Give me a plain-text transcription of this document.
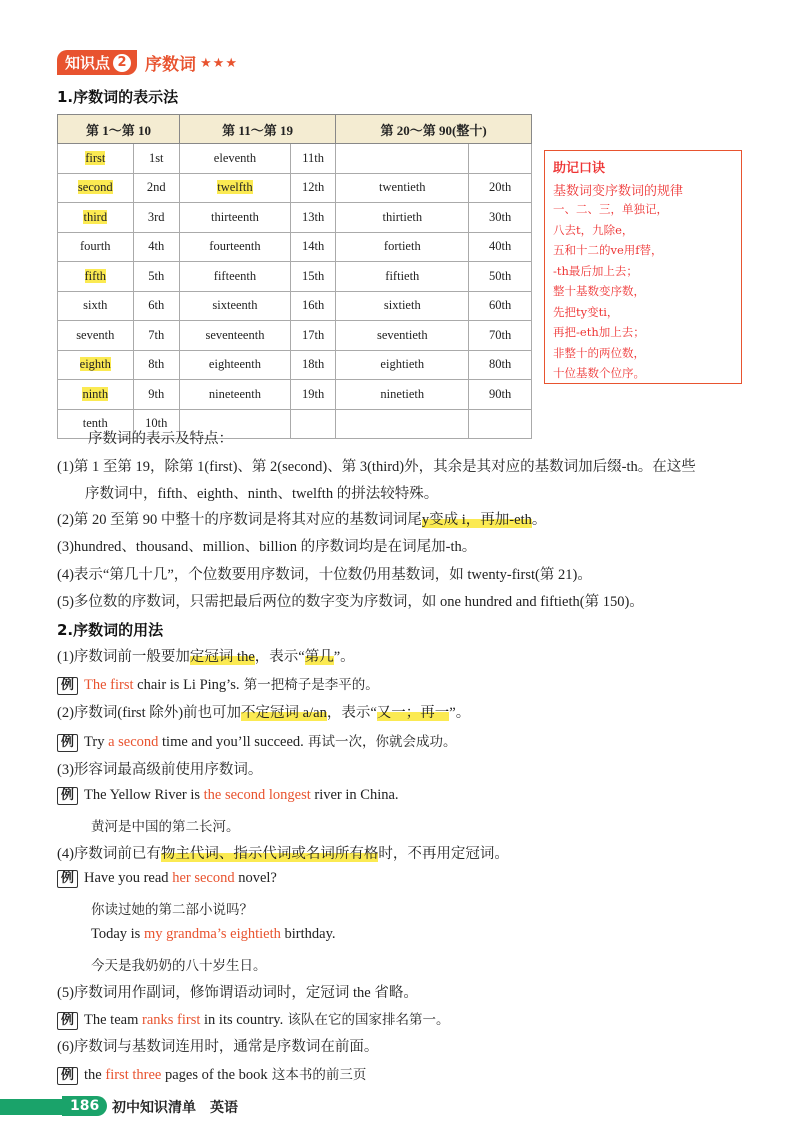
知识点 2 序数词 ★★★
1.序数词的表示法
第 1～第 10		第 11～第 19		第 20～第 90(整十)	
first	1st	eleventh	11th		
second	2nd	twelfth	12th	twentieth	20th
third	3rd	thirteenth	13th	thirtieth	30th
fourth	4th	fourteenth	14th	fortieth	40th
fifth	5th	fifteenth	15th	fiftieth	50th
sixth	6th	sixteenth	16th	sixtieth	60th
seventh	7th	seventeenth	17th	seventieth	70th
eighth	8th	eighteenth	18th	eightieth	80th
ninth	9th	nineteenth	19th	ninetieth	90th
tenth	10th				
助记口诀
基数词变序数词的规律
一、二、三，单独记，
八去t，九除e，
五和十二的ve用f替，
-th最后加上去；
整十基数变序数，
先把ty变ti，
再把-eth加上去；
非整十的两位数，
十位基数个位序。
序数词的表示及特点：
(1)第 1 至第 19，除第 1(first)、第 2(second)、第 3(third)外，其余是其对应的基数词加后缀-th。在这些
序数词中，fifth、eighth、ninth、twelfth 的拼法较特殊。
(2)第 20 至第 90 中整十的序数词是将其对应的基数词词尾y变成 i，再加-eth。
(3)hundred、thousand、million、billion 的序数词均是在词尾加-th。
(4)表示“第几十几”，个位数要用序数词，十位数仍用基数词，如 twenty-first(第 21)。
(5)多位数的序数词，只需把最后两位的数字变为序数词，如 one hundred and fiftieth(第 150)。
2.序数词的用法
(1)序数词前一般要加定冠词 the，表示“第几”。
例 The first chair is Li Ping’s. 第一把椅子是李平的。
(2)序数词(first 除外)前也可加不定冠词 a/an，表示“又一；再一”。
例 Try a second time and you’ll succeed. 再试一次，你就会成功。
(3)形容词最高级前使用序数词。
例 The Yellow River is the second longest river in China.
黄河是中国的第二长河。
(4)序数词前已有物主代词、指示代词或名词所有格时，不再用定冠词。
例 Have you read her second novel?
你读过她的第二部小说吗？
Today is my grandma’s eightieth birthday.
今天是我奶奶的八十岁生日。
(5)序数词用作副词，修饰谓语动词时，定冠词 the 省略。
例 The team ranks first in its country. 该队在它的国家排名第一。
(6)序数词与基数词连用时，通常是序数词在前面。
例 the first three pages of the book 这本书的前三页
186 初中知识清单　英语
